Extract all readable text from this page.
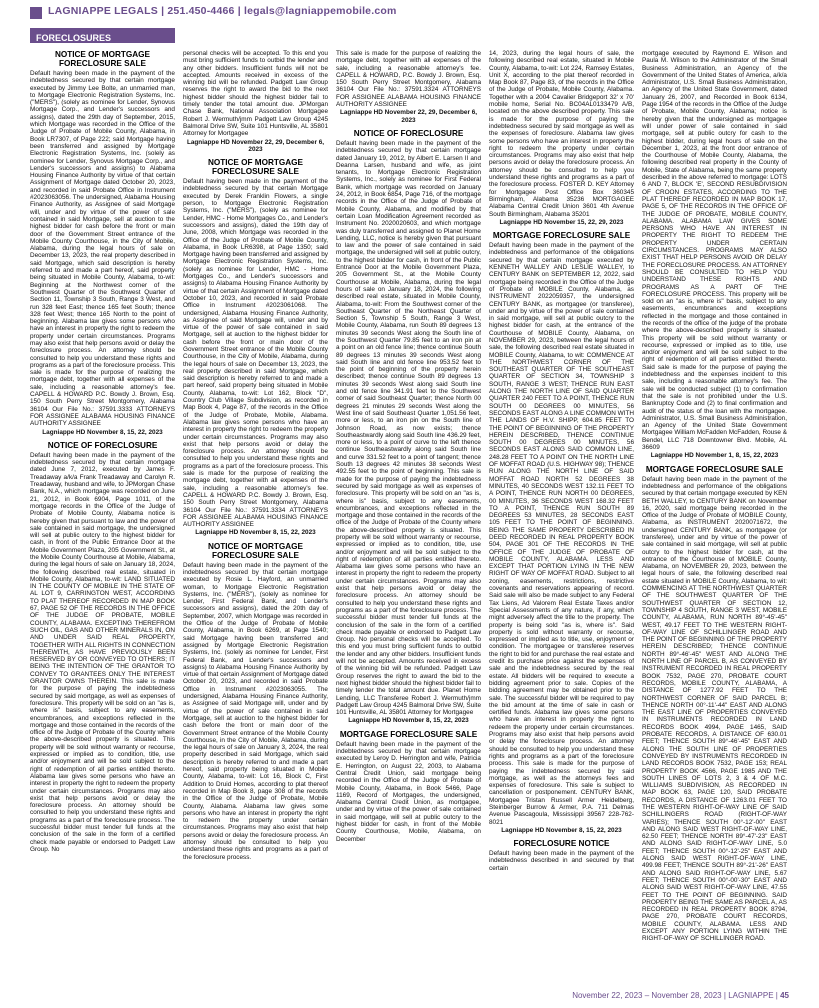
LAGNIAPPE LEGALS | 251.450-4466 | legals@lagniappemobile.com
FORECLOSURES
NOTICE OF MORTGAGE FORECLOSURE SALE

Default having been made in the payment of the indebtedness secured by that certain mortgage executed by Jimmy Lee Bolte, an unmarried man, to Mortgage Electronic Registration Systems, Inc. ("MERS"), (solely as nominee for Lender, Synovus Mortgage Corp., and Lender's successors and assigns), dated the 29th day of September, 2015, which Mortgage was recorded in the Office of the Judge of Probate of Mobile County, Alabama, in Book LR7307, of Page 222; said Mortgage having been transferred and assigned by Mortgage Electronic Registration Systems, Inc. (solely as nominee for Lender, Synovus Mortgage Corp., and Lender's successors and assigns) to Alabama Housing Finance Authority by virtue of that certain Assignment of Mortgage dated October 20, 2023, and recorded in said Probate Office in Instrument #2023063056. The undersigned, Alabama Housing Finance Authority, as Assignee of said Mortgage will, under and by virtue of the power of sale contained in said Mortgage, sell at auction to the highest bidder for cash before the front or main door of the Government Street entrance of the Mobile County Courthouse, in the City of Mobile, Alabama, during the legal hours of sale on December 13, 2023, the real property described in said Mortgage, which said description is hereby referred to and made a part hereof, said property being situated in Mobile County, Alabama, to-wit: Beginning at the Northwest corner of the Southwest Quarter of the Southwest Quarter of Section 11, Township 3 South, Range 3 West, and run 328 feet East; thence 165 feet South; thence 328 feet West; thence 165 North to the point of beginning. Alabama law gives some persons who have an interest in property the right to redeem the property under certain circumstances. Programs may also exist that help persons avoid or delay the foreclosure process. An attorney should be consulted to help you understand these rights and programs as a part of the foreclosure process. This sale is made for the purpose of realizing the mortgage debt, together with all expenses of the sale, including a reasonable attorney's fee. CAPELL & HOWARD P.C. Bowdy J. Brown, Esq. 150 South Perry Street Montgomery, Alabama 36104 Our File No.: 37591.3333 ATTORNEYS FOR ASSIGNEE ALABAMA HOUSING FINANCE AUTHORITY ASSIGNEE

Lagniappe HD November 8, 15, 22, 2023
NOTICE OF FORECLOSURE

Default having been made in the payment of the indebtedness secured by that certain mortgage dated June 7, 2012, executed by James F. Treadaway a/k/a Frank Treadaway and Carolyn R. Treadaway, husband and wife, to JPMorgan Chase Bank, N.A., which mortgage was recorded on June 21, 2012, in Book 6904, Page 1011, of the mortgage records in the Office of the Judge of Probate of Mobile County, Alabama notice is hereby given that pursuant to law and the power of sale contained in said mortgage, the undersigned will sell at public outcry to the highest bidder for cash, in front of the Public Entrance Door at the Mobile Government Plaza, 205 Government St., at the Mobile County Courthouse at Mobile, Alabama, during the legal hours of sale on January 18, 2024, the following described real estate, situated in Mobile County, Alabama, to-wit: LAND SITUATED IN THE COUNTY OF MOBILE IN THE STATE OF AL LOT 9, CARRINGTON WEST, ACCORDING TO PLAT THEREOF RECORDED IN MAP BOOK 67, PAGE 52 OF THE RECORDS IN THE OFFICE OF THE JUDGE OF PROBATE, MOBILE COUNTY, ALABAMA. EXCEPTING THEREFROM SUCH OIL, GAS AND OTHER MINERALS IN, ON AND UNDER SAID REAL PROPERTY, TOGETHER WITH ALL RIGHTS IN CONNECTION THEREWITH, AS HAVE PREVIOUSLY BEEN RESERVED BY OR CONVEYED TO OTHERS; IT BEING THE INTENTION OF THE GRANTOR TO CONVEY TO GRANTEES ONLY THE INTEREST GRANTOR OWNS THEREIN. This sale is made for the purpose of paying the indebtedness secured by said mortgage, as well as expenses of foreclosure. This property will be sold on an "as is, where is" basis, subject to any easements, encumbrances, and exceptions reflected in the mortgage and those contained in the records of the office of the Judge of Probate of the County where the above-described property is situated. This property will be sold without warranty or recourse, expressed or implied as to condition, title, use and/or enjoyment and will be sold subject to the right of redemption of all parties entitled thereto. Alabama law gives some persons who have an interest in property the right to redeem the property under certain circumstances. Programs may also exist that help persons avoid or delay the foreclosure process. An attorney should be consulted to help you understand these rights and programs as a part of the foreclosure process. The successful bidder must tender full funds at the conclusion of the sale in the form of a certified check made payable or endorsed to Padgett Law Group. No

personal checks will be accepted. To this end you must bring sufficient funds to outbid the lender and any other bidders. Insufficient funds will not be accepted. Amounts received in excess of the winning bid will be refunded. Padgett Law Group reserves the right to award the bid to the next highest bidder should the highest bidder fail to timely tender the total amount due. JPMorgan Chase Bank, National Association Mortgagee Robert J. Wermuth/jmm Padgett Law Group 4245 Balmoral Drive SW, Suite 101 Huntsville, AL 35801 Attorney for Mortgagee

Lagniappe HD November 22, 29, December 6, 2023
NOTICE OF MORTGAGE FORECLOSURE SALE

Default having been made in the payment of the indebtedness secured by that certain Mortgage executed by Derek Franklin Flowers, a single person, to Mortgage Electronic Registration Systems, Inc. ("MERS"), (solely as nominee for Lender, HMC - Home Mortgages Co., and Lender's successors and assigns), dated the 19th day of June, 2008, which Mortgage was recorded in the Office of the Judge of Probate of Mobile County, Alabama, in Book LR6398, at Page 1350; said Mortgage having been transferred and assigned by Mortgage Electronic Registration Systems, Inc. (solely as nominee for Lender, HMC - Home Mortgages Co., and Lender's successors and assigns) to Alabama Housing Finance Authority by virtue of that certain Assignment of Mortgage dated October 10, 2023, and recorded in said Probate Office in Instrument #2023061068. The undersigned, Alabama Housing Finance Authority, as Assignee of said Mortgage will, under and by virtue of the power of sale contained in said Mortgage, sell at auction to the highest bidder for cash before the front or main door of the Government Street entrance of the Mobile County Courthouse, in the City of Mobile, Alabama, during the legal hours of sale on December 13, 2023, the real property described in said Mortgage, which said description is hereby referred to and made a part hereof, said property being situated in Mobile County, Alabama, to-wit: Lot 162, Block "D", Country Club Village Subdivision, as recorded in Map Book 4, Page 87, of the records in the Office of the Judge of Probate, Mobile, Alabama. Alabama law gives some persons who have an interest in property the right to redeem the property under certain circumstances. Programs may also exist that help persons avoid or delay the foreclosure process. An attorney should be consulted to help you understand these rights and programs as a part of the foreclosure process. This sale is made for the purpose of realizing the mortgage debt, together with all expenses of the sale, including a reasonable attorney's fee. CAPELL & HOWARD P.C. Bowdy J. Brown, Esq. 150 South Perry Street Montgomery, Alabama 36104 Our File No.: 37591.3334 ATTORNEYS FOR ASSIGNEE ALABAMA HOUSING FINANCE AUTHORITY ASSIGNEE

Lagniappe HD November 8, 15, 22, 2023
NOTICE OF MORTGAGE FORECLOSURE SALE

Default having been made in the payment of the indebtedness secured by that certain mortgage executed by Rosie L. Hayford, an unmarried woman, to Mortgage Electronic Registration Systems, Inc. ("MERS"), (solely as nominee for Lender, First Federal Bank, and Lender's successors and assigns), dated the 20th day of September, 2007, which Mortgage was recorded in the Office of the Judge of Probate of Mobile County, Alabama, in Book 6269, at Page 1540; said Mortgage having been transferred and assigned by Mortgage Electronic Registration Systems, Inc. (solely as nominee for Lender, First Federal Bank, and Lender's successors and assigns) to Alabama Housing Finance Authority by virtue of that certain Assignment of Mortgage dated October 20, 2023, and recorded in said Probate Office in Instrument #2023063055. The undersigned, Alabama Housing Finance Authority, as Assignee of said Mortgage will, under and by virtue of the power of sale contained in said Mortgage, sell at auction to the highest bidder for cash before the front or main door of the Government Street entrance of the Mobile County Courthouse, in the City of Mobile, Alabama, during the legal hours of sale on January 3, 2024, the real property described in said Mortgage, which said description is hereby referred to and made a part hereof, said property being situated in Mobile County, Alabama, to-wit: Lot 16, Block C, First Addition to Druid Homes, according to plat thereof recorded in Map Book 8, page 308 of the records in the Office of the Judge of Probate, Mobile County, Alabama. Alabama law gives some persons who have an interest in property the right to redeem the property under certain circumstances. Programs may also exist that help persons avoid or delay the foreclosure process. An attorney should be consulted to help you understand these rights and programs as a part of the foreclosure process.

This sale is made for the purpose of realizing the mortgage debt, together with all expenses of the sale, including a reasonable attorney's fee. CAPELL & HOWARD, P.C. Bowdy J. Brown, Esq. 150 South Perry Street Montgomery, Alabama 36104 Our File No.: 37591.3324 ATTORNEYS FOR ASSIGNEE ALABAMA HOUSING FINANCE AUTHORITY ASSIGNEE

Lagniappe HD November 22, 29, December 6, 2023
NOTICE OF FORECLOSURE

Default having been made in the payment of the indebtedness secured by that certain mortgage dated January 19, 2012, by Albert E. Larsen II and Deanna Larsen, husband and wife, as joint tenants, to Mortgage Electronic Registration Systems, Inc., solely as nominee for First Federal Bank, which mortgage was recorded on January 24, 2012, in Book 6854, Page 716, of the mortgage records in the Office of the Judge of Probate of Mobile County, Alabama, and modified by that certain Loan Modification Agreement recorded as Instrument No. 2020020603, and which mortgage was duly transferred and assigned to Planet Home Lending, LLC, notice is hereby given that pursuant to law and the power of sale contained in said mortgage, the undersigned will sell at public outcry, to the highest bidder for cash, in front of the Public Entrance Door at the Mobile Government Plaza, 205 Government St., at the Mobile County Courthouse at Mobile, Alabama, during the legal hours of sale on January 18, 2024, the following described real estate, situated in Mobile County, Alabama, to-wit: From the Southwest corner of the Southeast Quarter of the Northeast Quarter of Section 5, Township 5 South, Range 3 West, Mobile County, Alabama, run South 89 degrees 13 minutes 39 seconds West along the South line of the Southwest Quarter 79.85 feet to an iron pin at a point on an old fence line; thence continue South 89 degrees 13 minutes 39 seconds West along said South line and old fence line 953.52 feet to the point of beginning of the property herein described; thence continue South 89 degrees 13 minutes 39 seconds West along said South line and old fence line 341.91 feet to the Southwest corner of said Southeast Quarter; thence North 00 degrees 21 minutes 29 seconds West along the West line of said Southeast Quarter 1,051.56 feet, more or less, to an iron pin on the South line of Johnson Road, as now exists; thence Southeastwardly along said South line 436.29 feet, more or less, to a point of curve to the left thence continue Southeastwardly along said South line and curve 331.52 feet to a point of tangent; thence South 13 degrees 42 minutes 38 seconds West 492.55 feet to the point of beginning. This sale is made for the purpose of paying the indebtedness secured by said mortgage as well as expenses of foreclosure. This property will be sold on an "as is, where is" basis, subject to any easements, encumbrances, and exceptions reflected in the mortgage and those contained in the records of the office of the Judge of Probate of the County where the above-described property is situated. This property will be sold without warranty or recourse, expressed or implied as to condition, title, use and/or enjoyment and will be sold subject to the right of redemption of all parties entitled thereto. Alabama law gives some persons who have an interest in property the right to redeem the property under certain circumstances. Programs may also exist that help persons avoid or delay the foreclosure process. An attorney should be consulted to help you understand these rights and programs as a part of the foreclosure process. The successful bidder must tender full funds at the conclusion of the sale in the form of a certified check made payable or endorsed to Padgett Law Group. No personal checks will be accepted. To this end you must bring sufficient funds to outbid the lender and any other bidders. Insufficient funds will not be accepted. Amounts received in excess of the winning bid will be refunded. Padgett Law Group reserves the right to award the bid to the next highest bidder should the highest bidder fail to timely tender the total amount due. Planet Home Lending, LLC Transferee Robert J. Wermuth/jmm Padgett Law Group 4245 Balmoral Drive SW, Suite 101 Huntsville, AL 35801 Attorney for Mortgagee

Lagniappe HD November 8, 15, 22, 2023
MORTGAGE FORECLOSURE SALE

Default having been made in the payment of the indebtedness secured by that certain mortgage executed by Leroy D. Herrington and wife, Patricia E. Herrington, on August 22, 2003, to Alabama Central Credit Union, said mortgage being recorded in the Office of the Judge of Probate of Mobile County, Alabama, in Book 5466, Page 1169, Record of Mortgages, the undersigned, Alabama Central Credit Union, as mortgagee, under and by virtue of the power of sale contained in said mortgage, will sell at public outcry to the highest bidder for cash, in front of the Mobile County Courthouse, Mobile, Alabama, on December

14, 2023, during the legal hours of sale, the following described real estate, situated in Mobile County, Alabama, to-wit: Lot 224, Ramsey Estates, Unit X, according to the plat thereof recorded in Map Book 87, Page 83, of the records in the Office of the Judge of Probate, Mobile County, Alabama. Together with a 2004 Cavalier Bridgeport 32' x 70' mobile home, Serial No. BC04AL0133479 A/B, located on the above described property. This sale is made for the purpose of paying the indebtedness secured by said mortgage as well as the expenses of foreclosure. Alabama law gives some persons who have an interest in property the right to redeem the property under certain circumstances. Programs may also exist that help persons avoid or delay the foreclosure process. An attorney should be consulted to help you understand these rights and programs as a part of the foreclosure process. FOSTER D. KEY Attorney for Mortgagee Post Office Box 360345 Birmingham, Alabama 35236 MORTGAGEE Alabama Central Credit Union 3601 4th Avenue South Birmingham, Alabama 35201

Lagniappe HD November 15, 22, 29, 2023
MORTGAGE FORECLOSURE SALE

Default having been made in the payment of the indebtedness and performance of the obligations secured by that certain mortgage executed by KENNETH WALLEY AND LESLIE WALLEY, to CENTURY BANK on SEPTEMBER 12, 2022, said mortgage being recorded in the Office of the Judge of Probate of MOBILE County, Alabama, as INSTRUMENT 2022059357, the undersigned CENTURY BANK, as mortgagee (or transferee), under and by virtue of the power of sale contained in said mortgage, will sell at public outcry to the highest bidder for cash, at the entrance of the Courthouse of MOBILE County, Alabama, on NOVEMBER 29, 2023, between the legal hours of sale, the following described real estate situated in MOBILE County, Alabama, to wit: COMMENCE AT THE NORTHWEST CORNER OF THE SOUTHEAST QUARTER OF THE SOUTHEAST QUARTER OF SECTION 34, TOWNSHIP 3 SOUTH, RANGE 3 WEST; THENCE RUN EAST ALONG THE NORTH LINE OF SAID QUARTER QUARTER 240 FEET TO A POINT, THENCE RUN SOUTH 00 DEGREES 00 MINUTES, 56 SECONDS EAST ALONG A LINE COMMON WITH THE LANDS OF H.V. SHIPP, 604.85 FEET TO THE POINT OF BEGINNING OF THE PROPERTY HEREIN DESCRIBED, THENCE CONTINUE SOUTH 00 DEGREES 00 MINUTES, 56 SECONDS EAST ALONG SAID COMMON LINE, 248.28 FEET TO A POINT ON THE NORTH LINE OF MOFFAT ROAD (U.S. HIGHWAY 98); THENCE RUN ALONG THE NORTH LINE OF SAID MOFFAT ROAD NORTH 52 DEGREES 38 MINUTES, 40 SECONDS WEST 132.11 FEET TO A POINT, THENCE RUN NORTH 00 DEGREES, 00 MINUTES, 36 SECONDS WEST 168.32 FEET TO A POINT, THENCE RUN SOUTH 89 DEGREES 53 MINUTES, 28 SECONDS EAST 105 FEET TO THE POINT OF BEGINNING. BEING THE SAME PROPERTY DESCRIBED IN DEED RECORDED IN REAL PROPERTY BOOK 504, PAGE 301 OF THE RECORDS IN THE OFFICE OF THE JUDGE OF PROBATE OF MOBILE COUNTY, ALABAMA. LESS AND EXCEPT THAT PORTION LYING IN THE NEW RIGHT OF WAY OF MOFFAT ROAD. Subject to all zoning, easements, restrictions, restrictive covenants and reservations appearing of record. Said sale will also be made subject to any Federal Tax Liens, Ad Valorem Real Estate Taxes and/or Special Assessments of any nature, if any, which might adversely affect the title to the property. The property is being sold "as is, where is". Said property is sold without warranty or recourse, expressed or implied as to title, use, enjoyment or condition. The mortgagee or transferee reserves the right to bid for and purchase the real estate and credit its purchase price against the expenses of sale and the indebtedness secured by the real estate. All bidders will be required to execute a bidding agreement prior to sale. Copies of the bidding agreement may be obtained prior to the sale. The successful bidder will be required to pay the bid amount at the time of sale in cash or certified funds. Alabama law gives some persons who have an interest in property the right to redeem the property under certain circumstances. Programs may also exist that help persons avoid or delay the foreclosure process. An attorney should be consulted to help you understand these rights and programs as a part of the foreclosure process. This sale is made for the purpose of paying the indebtedness secured by said mortgage, as well as the attorneys fees and expenses of foreclosure. This sale is subject to cancellation or postponement. CENTURY BANK, Mortgagee Tristan Russell Armer Heidelberg, Steinberger Burrow & Armer, P.A. 711 Delmas Avenue Pascagoula, Mississippi 39567 228-762-8021

Lagniappe HD November 8, 15, 22, 2023
FORECLOSURE NOTICE

Default having been made in the payment of the indebtedness described in and secured by that certain

mortgage executed by Raymond E. Wilson and Paula M. Wilson to the Administrator of the Small Business Administration, an Agency of the Government of the United States of America, a/k/a Administrator, U.S. Small Business Administration, an Agency of the United State Government, dated January 26, 2007, and Recorded in Book 6134, Page 1954 of the records in the Office of the Judge of Probate, Mobile County, Alabama; notice is hereby given that the undersigned as mortgagee will under power of sale contained in said mortgage, sell at public outcry for cash to the highest bidder, during legal hours of sale on the December 1, 2023, at the front door entrance of the Courthouse of Mobile County, Alabama, the following described real property in the County of Mobile, State of Alabama, being the same property described in the above referred to mortgage: LOTS 6 AND 7, BLOCK 'E', SECOND RESUBDIVISION OF CROON ESTATES, ACCORDING TO THE PLAT THEREOF RECORDED IN MAP BOOK 17, PAGE 5, OF THE RECORDS IN THE OFFICE OF THE JUDGE OF PROBATE, MOBILE COUNTY, ALABAMA. ALABAMA LAW GIVES SOME PERSONS WHO HAVE AN INTEREST IN PROPERTY THE RIGHT TO REDEEM THE PROPERTY UNDER CERTAIN CIRCUMSTANCES. PROGRAMS MAY ALSO EXIST THAT HELP PERSONS AVOID OR DELAY THE FORECLOSURE PROCESS. AN ATTORNEY SHOULD BE CONSULTED TO HELP YOU UNDERSTAND THESE RIGHTS AND PROGRAMS AS A PART OF THE FORECLOSURE PROCESS. This property will be sold on an "as is, where is" basis, subject to any easements, encumbrances and exceptions reflected in the mortgage and those contained in the records of the office of the judge of the probate where the above-described property is situated. This property will be sold without warranty or recourse, expressed or implied as to title, use and/or enjoyment and will be sold subject to the right of redemption of all parties entitled thereto. Said sale is made for the purpose of paying the indebtedness and the expenses incident to this sale, including a reasonable attorney's fee. The sale will be conducted subject (1) to confirmation that the sale is not prohibited under the U.S. Bankruptcy Code and (2) to final confirmation and audit of the status of the loan with the mortgagee. Administrator, U.S. Small Business Administration, an Agency of the United State Government Mortgagee William McFadden McFadden, Rouse & Bendel, LLC 718 Downtowner Blvd. Mobile, AL 36609

Lagniappe HD November 1, 8, 15, 22, 2023
MORTGAGE FORECLOSURE SALE

Default having been made in the payment of the indebtedness and performance of the obligations secured by that certain mortgage executed by KEN BETH WALLEY, to CENTURY BANK on November 16, 2020, said mortgage being recorded in the Office of the Judge of Probate of MOBILE County, Alabama, as INSTRUMENT 2020071672, the undersigned CENTURY BANK, as mortgagee (or transferee), under and by virtue of the power of sale contained in said mortgage, will sell at public outcry to the highest bidder for cash, at the entrance of the Courthouse of MOBILE County, Alabama, on NOVEMBER 29, 2023, between the legal hours of sale, the following described real estate situated in MOBILE County, Alabama, to wit: COMMENCING AT THE NORTHWEST QUARTER OF THE SOUTHWEST QUARTER OF THE SOUTHWEST QUARTER OF SECTION 12, TOWNSHIP 4 SOUTH, RANGE 3 WEST, MOBILE COUNTY, ALABAMA, RUN NORTH 89°-45'-45" WEST, 49.17 FEET TO THE WESTERN RIGHT-OF-WAY LINE OF SCHILLINGER ROAD AND THE POINT OF BEGINNING OF THE PROPERTY HEREIN DESCRIBED; THENCE CONTINUE NORTH 89°-46'-45" WEST AND ALONG THE NORTH LINE OF PARCEL B, AS CONVEYED BY INSTRUMENT RECORDED IN REAL PROPERTY BOOK 7532, PAGE 270, PROBATE COURT RECORDS, MOBILE COUNTY, ALABAMA, A DISTANCE OF 1277.92 FEET TO THE NORTHWEST CORNER OF SAID PARCEL B; THENCE NORTH 00°-11'-44" EAST AND ALONG THE EAST LINE OF PROPERTIES CONVEYED IN INSTRUMENTS RECORDED IN LAND RECORDS BOOK 4994, PAGE 1465, SAID PROBATE RECORDS, A DISTANCE OF 630.01 FEET; THENCE SOUTH 89°-46'-45" EAST AND ALONG THE SOUTH LINE OF PROPERTIES CONVEYED BY INSTRUMENTS RECORDED IN LAND RECORDS BOOK 7532, PAGE 153; REAL PROPERTY BOOK 4566, PAGE 1985 AND THE SOUTH LINES OF LOTS 2, 3 & 4 OF M.C. WILLIAMS SUBDIVISION, AS RECORDED IN MAP BOOK 63, PAGE 120, SAID PROBATE RECORDS, A DISTANCE OF 1263.01 FEET TO THE WESTERN RIGHT-OF-WAY LINE OF SAID SCHILLINGERS ROAD (RIGHT-OF-WAY VARIES); THENCE SOUTH 00°-12'-00" EAST AND ALONG SAID WEST RIGHT-OF-WAY LINE, 62.50 FEET; THENCE NORTH 89°-47'-23" EAST AND ALONG SAID RIGHT-OF-WAY LINE, 5.0 FEET; THENCE SOUTH 00°-12'-25" EAST AND ALONG SAID WEST RIGHT-OF-WAY LINE, 499.98 FEET; THENCE SOUTH 89°-21'-26" EAST AND ALONG SAID RIGHT-OF-WAY LINE, 5.67 FEET; THENCE SOUTH 00°-00'-30" EAST AND ALONG SAID WEST RIGHT-OF-WAY LINE, 47.55 FEET TO THE POINT OF BEGINNING. SAID PROPERTY BEING THE SAME AS PARCEL A, AS RECORDED IN REAL PROPERTY BOOK 8794, PAGE 270, PROBATE COURT RECORDS, MOBILE COUNTY, ALABAMA. LESS AND EXCEPT ANY PORTION LYING WITHIN THE RIGHT-OF-WAY OF SCHILLINGER ROAD.

November 22, 2023 – November 28, 2023 | LAGNIAPPE | 45
